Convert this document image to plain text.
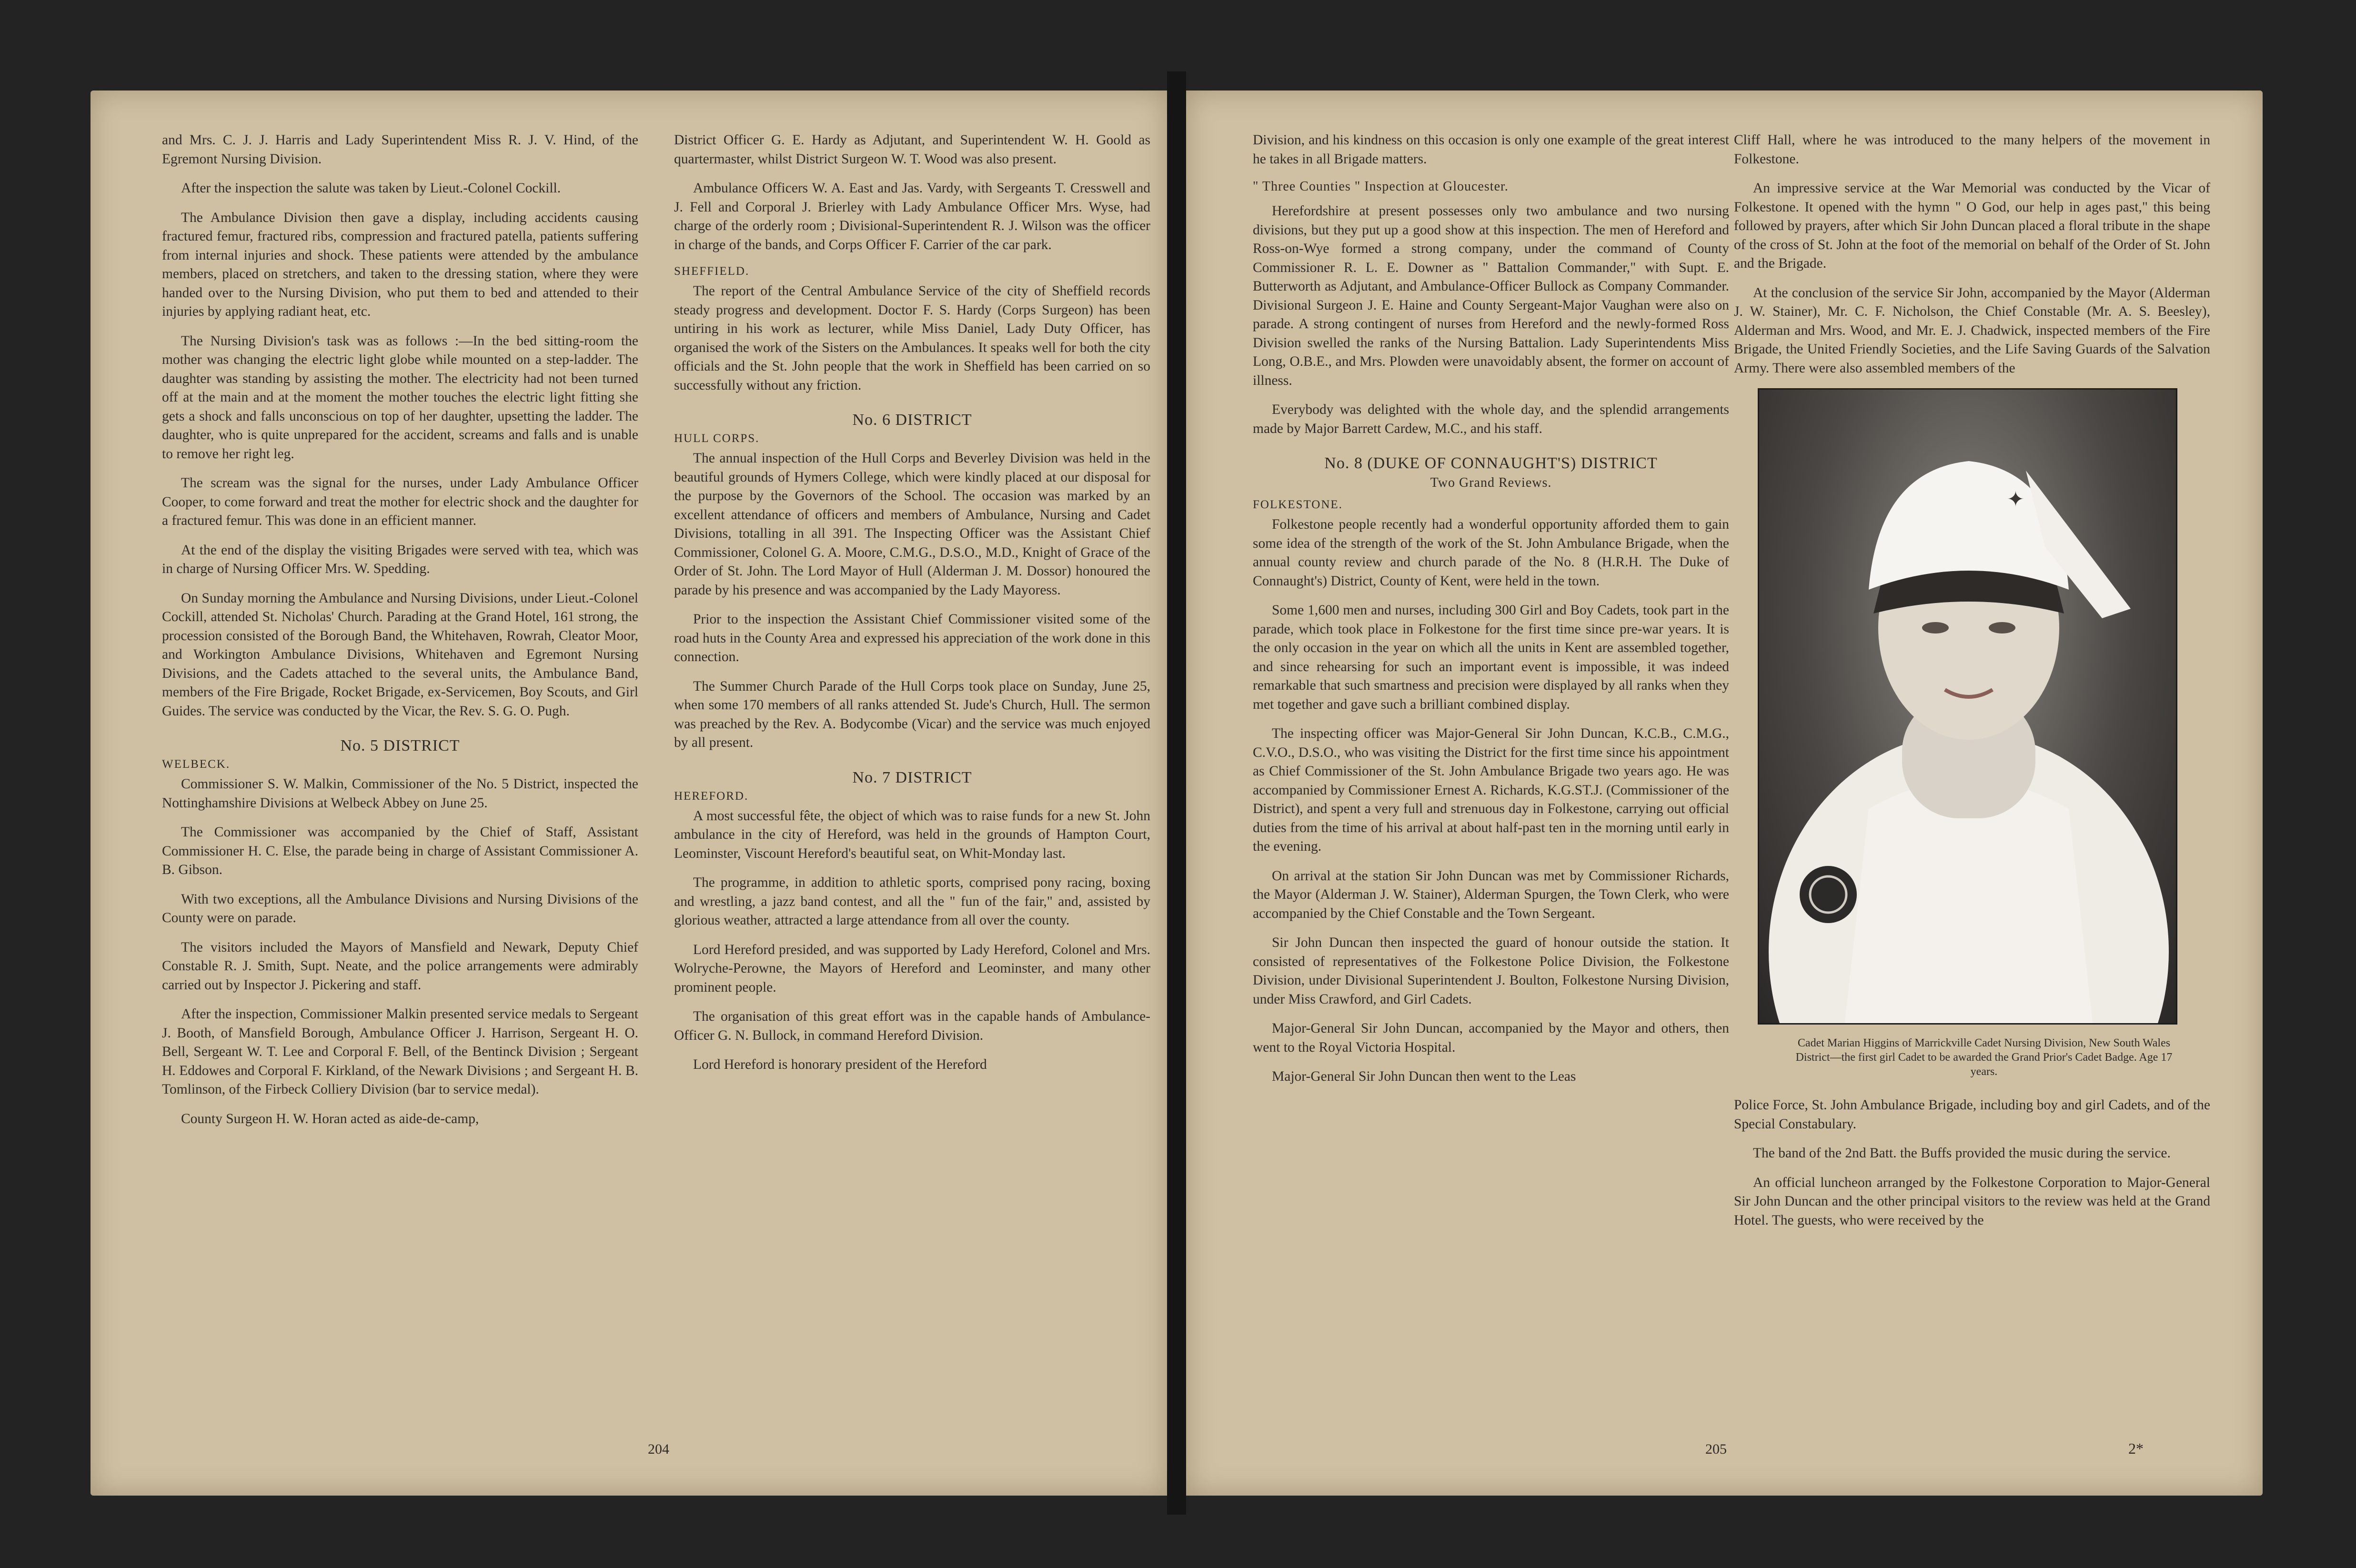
and Mrs. C. J. J. Harris and Lady Superintendent Miss R. J. V. Hind, of the Egremont Nursing Division.

After the inspection the salute was taken by Lieut.-Colonel Cockill.

The Ambulance Division then gave a display, including accidents causing fractured femur, fractured ribs, compression and fractured patella, patients suffering from internal injuries and shock. These patients were attended by the ambulance members, placed on stretchers, and taken to the dressing station, where they were handed over to the Nursing Division, who put them to bed and attended to their injuries by applying radiant heat, etc.

The Nursing Division's task was as follows :—In the bed sitting-room the mother was changing the electric light globe while mounted on a step-ladder. The daughter was standing by assisting the mother. The electricity had not been turned off at the main and at the moment the mother touches the electric light fitting she gets a shock and falls unconscious on top of her daughter, upsetting the ladder. The daughter, who is quite unprepared for the accident, screams and falls and is unable to remove her right leg.

The scream was the signal for the nurses, under Lady Ambulance Officer Cooper, to come forward and treat the mother for electric shock and the daughter for a fractured femur. This was done in an efficient manner.

At the end of the display the visiting Brigades were served with tea, which was in charge of Nursing Officer Mrs. W. Spedding.

On Sunday morning the Ambulance and Nursing Divisions, under Lieut.-Colonel Cockill, attended St. Nicholas' Church. Parading at the Grand Hotel, 161 strong, the procession consisted of the Borough Band, the Whitehaven, Rowrah, Cleator Moor, and Workington Ambulance Divisions, Whitehaven and Egremont Nursing Divisions, and the Cadets attached to the several units, the Ambulance Band, members of the Fire Brigade, Rocket Brigade, ex-Servicemen, Boy Scouts, and Girl Guides. The service was conducted by the Vicar, the Rev. S. G. O. Pugh.

No. 5 DISTRICT
WELBECK.

Commissioner S. W. Malkin, Commissioner of the No. 5 District, inspected the Nottinghamshire Divisions at Welbeck Abbey on June 25.

The Commissioner was accompanied by the Chief of Staff, Assistant Commissioner H. C. Else, the parade being in charge of Assistant Commissioner A. B. Gibson.

With two exceptions, all the Ambulance Divisions and Nursing Divisions of the County were on parade.

The visitors included the Mayors of Mansfield and Newark, Deputy Chief Constable R. J. Smith, Supt. Neate, and the police arrangements were admirably carried out by Inspector J. Pickering and staff.

After the inspection, Commissioner Malkin presented service medals to Sergeant J. Booth, of Mansfield Borough, Ambulance Officer J. Harrison, Sergeant H. O. Bell, Sergeant W. T. Lee and Corporal F. Bell, of the Bentinck Division ; Sergeant H. Eddowes and Corporal F. Kirkland, of the Newark Divisions ; and Sergeant H. B. Tomlinson, of the Firbeck Colliery Division (bar to service medal).

County Surgeon H. W. Horan acted as aide-de-camp,

District Officer G. E. Hardy as Adjutant, and Superintendent W. H. Goold as quartermaster, whilst District Surgeon W. T. Wood was also present.

Ambulance Officers W. A. East and Jas. Vardy, with Sergeants T. Cresswell and J. Fell and Corporal J. Brierley with Lady Ambulance Officer Mrs. Wyse, had charge of the orderly room ; Divisional-Superintendent R. J. Wilson was the officer in charge of the bands, and Corps Officer F. Carrier of the car park.

SHEFFIELD.

The report of the Central Ambulance Service of the city of Sheffield records steady progress and development. Doctor F. S. Hardy (Corps Surgeon) has been untiring in his work as lecturer, while Miss Daniel, Lady Duty Officer, has organised the work of the Sisters on the Ambulances. It speaks well for both the city officials and the St. John people that the work in Sheffield has been carried on so successfully without any friction.

No. 6 DISTRICT
HULL CORPS.

The annual inspection of the Hull Corps and Beverley Division was held in the beautiful grounds of Hymers College, which were kindly placed at our disposal for the purpose by the Governors of the School. The occasion was marked by an excellent attendance of officers and members of Ambulance, Nursing and Cadet Divisions, totalling in all 391. The Inspecting Officer was the Assistant Chief Commissioner, Colonel G. A. Moore, C.M.G., D.S.O., M.D., Knight of Grace of the Order of St. John. The Lord Mayor of Hull (Alderman J. M. Dossor) honoured the parade by his presence and was accompanied by the Lady Mayoress.

Prior to the inspection the Assistant Chief Commissioner visited some of the road huts in the County Area and expressed his appreciation of the work done in this connection.

The Summer Church Parade of the Hull Corps took place on Sunday, June 25, when some 170 members of all ranks attended St. Jude's Church, Hull. The sermon was preached by the Rev. A. Bodycombe (Vicar) and the service was much enjoyed by all present.

No. 7 DISTRICT
HEREFORD.

A most successful fête, the object of which was to raise funds for a new St. John ambulance in the city of Hereford, was held in the grounds of Hampton Court, Leominster, Viscount Hereford's beautiful seat, on Whit-Monday last.

The programme, in addition to athletic sports, comprised pony racing, boxing and wrestling, a jazz band contest, and all the " fun of the fair," and, assisted by glorious weather, attracted a large attendance from all over the county.

Lord Hereford presided, and was supported by Lady Hereford, Colonel and Mrs. Wolryche-Perowne, the Mayors of Hereford and Leominster, and many other prominent people.

The organisation of this great effort was in the capable hands of Ambulance-Officer G. N. Bullock, in command Hereford Division.

Lord Hereford is honorary president of the Hereford

204

Division, and his kindness on this occasion is only one example of the great interest he takes in all Brigade matters.

" Three Counties " Inspection at Gloucester.

Herefordshire at present possesses only two ambulance and two nursing divisions, but they put up a good show at this inspection. The men of Hereford and Ross-on-Wye formed a strong company, under the command of County Commissioner R. L. E. Downer as " Battalion Commander," with Supt. E. Butterworth as Adjutant, and Ambulance-Officer Bullock as Company Commander. Divisional Surgeon J. E. Haine and County Sergeant-Major Vaughan were also on parade. A strong contingent of nurses from Hereford and the newly-formed Ross Division swelled the ranks of the Nursing Battalion. Lady Superintendents Miss Long, O.B.E., and Mrs. Plowden were unavoidably absent, the former on account of illness.

Everybody was delighted with the whole day, and the splendid arrangements made by Major Barrett Cardew, M.C., and his staff.

No. 8 (DUKE OF CONNAUGHT'S) DISTRICT
Two Grand Reviews.
FOLKESTONE.

Folkestone people recently had a wonderful opportunity afforded them to gain some idea of the strength of the work of the St. John Ambulance Brigade, when the annual county review and church parade of the No. 8 (H.R.H. The Duke of Connaught's) District, County of Kent, were held in the town.

Some 1,600 men and nurses, including 300 Girl and Boy Cadets, took part in the parade, which took place in Folkestone for the first time since pre-war years. It is the only occasion in the year on which all the units in Kent are assembled together, and since rehearsing for such an important event is impossible, it was indeed remarkable that such smartness and precision were displayed by all ranks when they met together and gave such a brilliant combined display.

The inspecting officer was Major-General Sir John Duncan, K.C.B., C.M.G., C.V.O., D.S.O., who was visiting the District for the first time since his appointment as Chief Commissioner of the St. John Ambulance Brigade two years ago. He was accompanied by Commissioner Ernest A. Richards, K.G.ST.J. (Commissioner of the District), and spent a very full and strenuous day in Folkestone, carrying out official duties from the time of his arrival at about half-past ten in the morning until early in the evening.

On arrival at the station Sir John Duncan was met by Commissioner Richards, the Mayor (Alderman J. W. Stainer), Alderman Spurgen, the Town Clerk, who were accompanied by the Chief Constable and the Town Sergeant.

Sir John Duncan then inspected the guard of honour outside the station. It consisted of representatives of the Folkestone Police Division, the Folkestone Division, under Divisional Superintendent J. Boulton, Folkestone Nursing Division, under Miss Crawford, and Girl Cadets.

Major-General Sir John Duncan, accompanied by the Mayor and others, then went to the Royal Victoria Hospital.

Major-General Sir John Duncan then went to the Leas

Cliff Hall, where he was introduced to the many helpers of the movement in Folkestone.

An impressive service at the War Memorial was conducted by the Vicar of Folkestone. It opened with the hymn " O God, our help in ages past," this being followed by prayers, after which Sir John Duncan placed a floral tribute in the shape of the cross of St. John at the foot of the memorial on behalf of the Order of St. John and the Brigade.

At the conclusion of the service Sir John, accompanied by the Mayor (Alderman J. W. Stainer), Mr. C. F. Nicholson, the Chief Constable (Mr. A. S. Beesley), Alderman and Mrs. Wood, and Mr. E. J. Chadwick, inspected members of the Fire Brigade, the United Friendly Societies, and the Life Saving Guards of the Salvation Army. There were also assembled members of the

✦

Cadet Marian Higgins of Marrickville Cadet Nursing Division, New South Wales District—the first girl Cadet to be awarded the Grand Prior's Cadet Badge. Age 17 years.

Police Force, St. John Ambulance Brigade, including boy and girl Cadets, and of the Special Constabulary.

The band of the 2nd Batt. the Buffs provided the music during the service.

An official luncheon arranged by the Folkestone Corporation to Major-General Sir John Duncan and the other principal visitors to the review was held at the Grand Hotel. The guests, who were received by the

205	2*
